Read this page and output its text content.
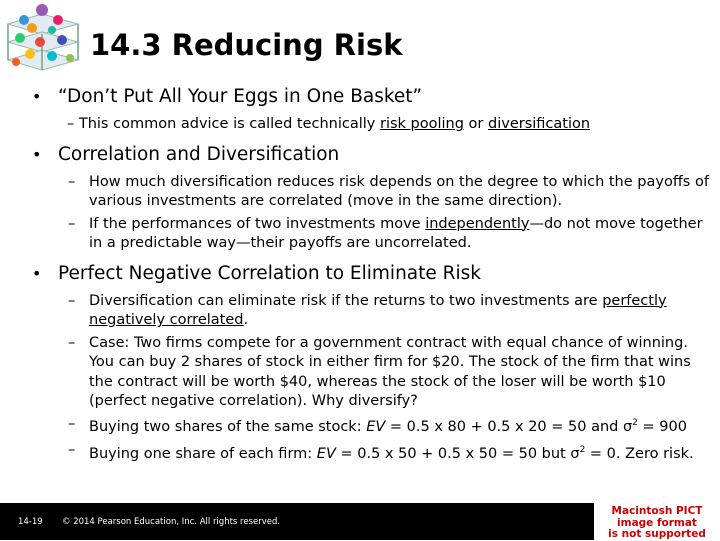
14.3 Reducing Risk

• “Don’t Put All Your Eggs in One Basket”

– This common advice is called technically risk pooling or diversification

• Correlation and Diversification

– How much diversification reduces risk depends on the degree to which the payoffs of various investments are correlated (move in the same direction).

– If the performances of two investments move independently—do not move together in a predictable way—their payoffs are uncorrelated.

• Perfect Negative Correlation to Eliminate Risk

– Diversification can eliminate risk if the returns to two investments are perfectly negatively correlated.

– Case: Two firms compete for a government contract with equal chance of winning. You can buy 2 shares of stock in either firm for $20. The stock of the firm that wins the contract will be worth $40, whereas the stock of the loser will be worth $10 (perfect negative correlation). Why diversify?

– Buying two shares of the same stock: EV = 0.5 x 80 + 0.5 x 20 = 50 and $\sigma^2 = 900$

– Buying one share of each firm: EV = 0.5 x 50 + 0.5 x 50 = 50 but $\sigma^2 = 0$. Zero risk.

14-19 © 2014 Pearson Education, Inc. All rights reserved.
Macintosh PICT
image format
is not supported
